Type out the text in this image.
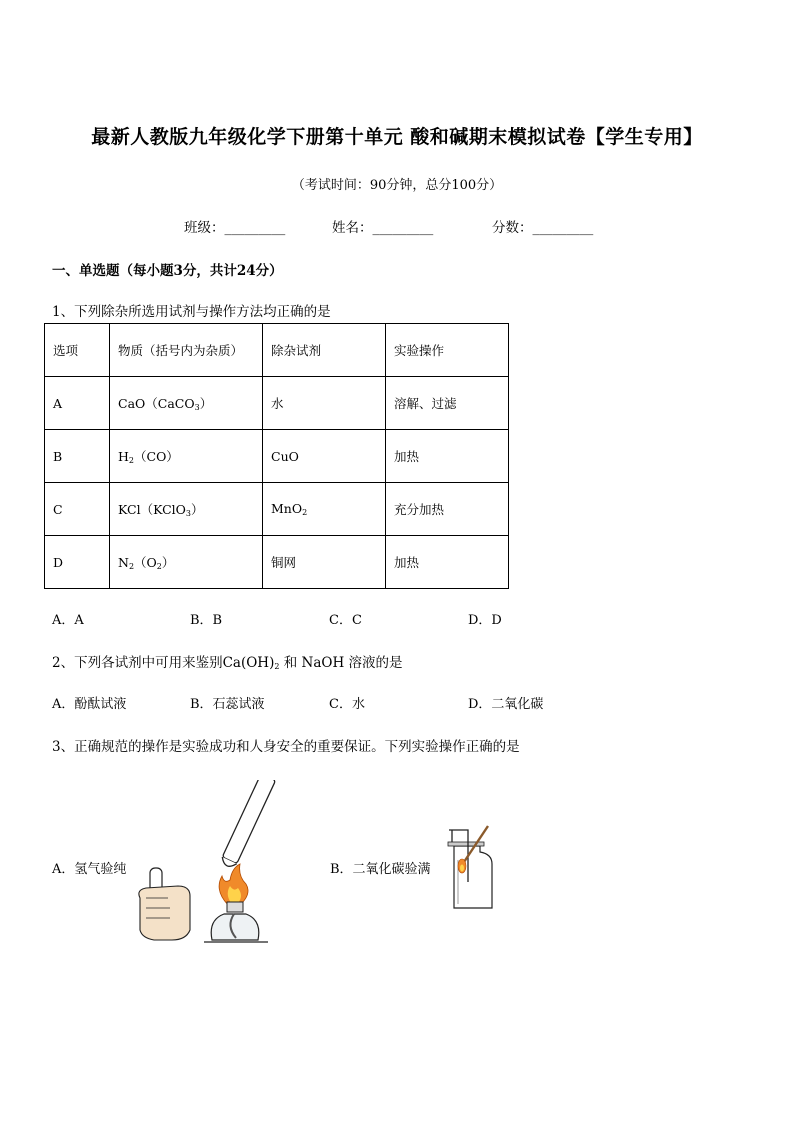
最新人教版九年级化学下册第十单元 酸和碱期末模拟试卷【学生专用】
（考试时间：90分钟，总分100分）
班级：_________	姓名：_________	分数：_________
一、单选题（每小题3分，共计24分）
1、下列除杂所选用试剂与操作方法均正确的是
选项	物质（括号内为杂质）	除杂试剂	实验操作
A	CaO（CaCO$_3$）	水	溶解、过滤
B	$H_2(CO)$	CuO	加热
C	KCl（KClO$_3$）	MnO$_2$	充分加热
D	$N_2(O_2)$	铜网	加热
A．A	B．B	C．C	D．D
2、下列各试剂中可用来鉴别$Ca(OH)_2$ 和 NaOH 溶液的是
A．酚酞试液	B．石蕊试液	C．水	D．二氧化碳
3、正确规范的操作是实验成功和人身安全的重要保证。下列实验操作正确的是
A．氢气验纯	B．二氧化碳验满
